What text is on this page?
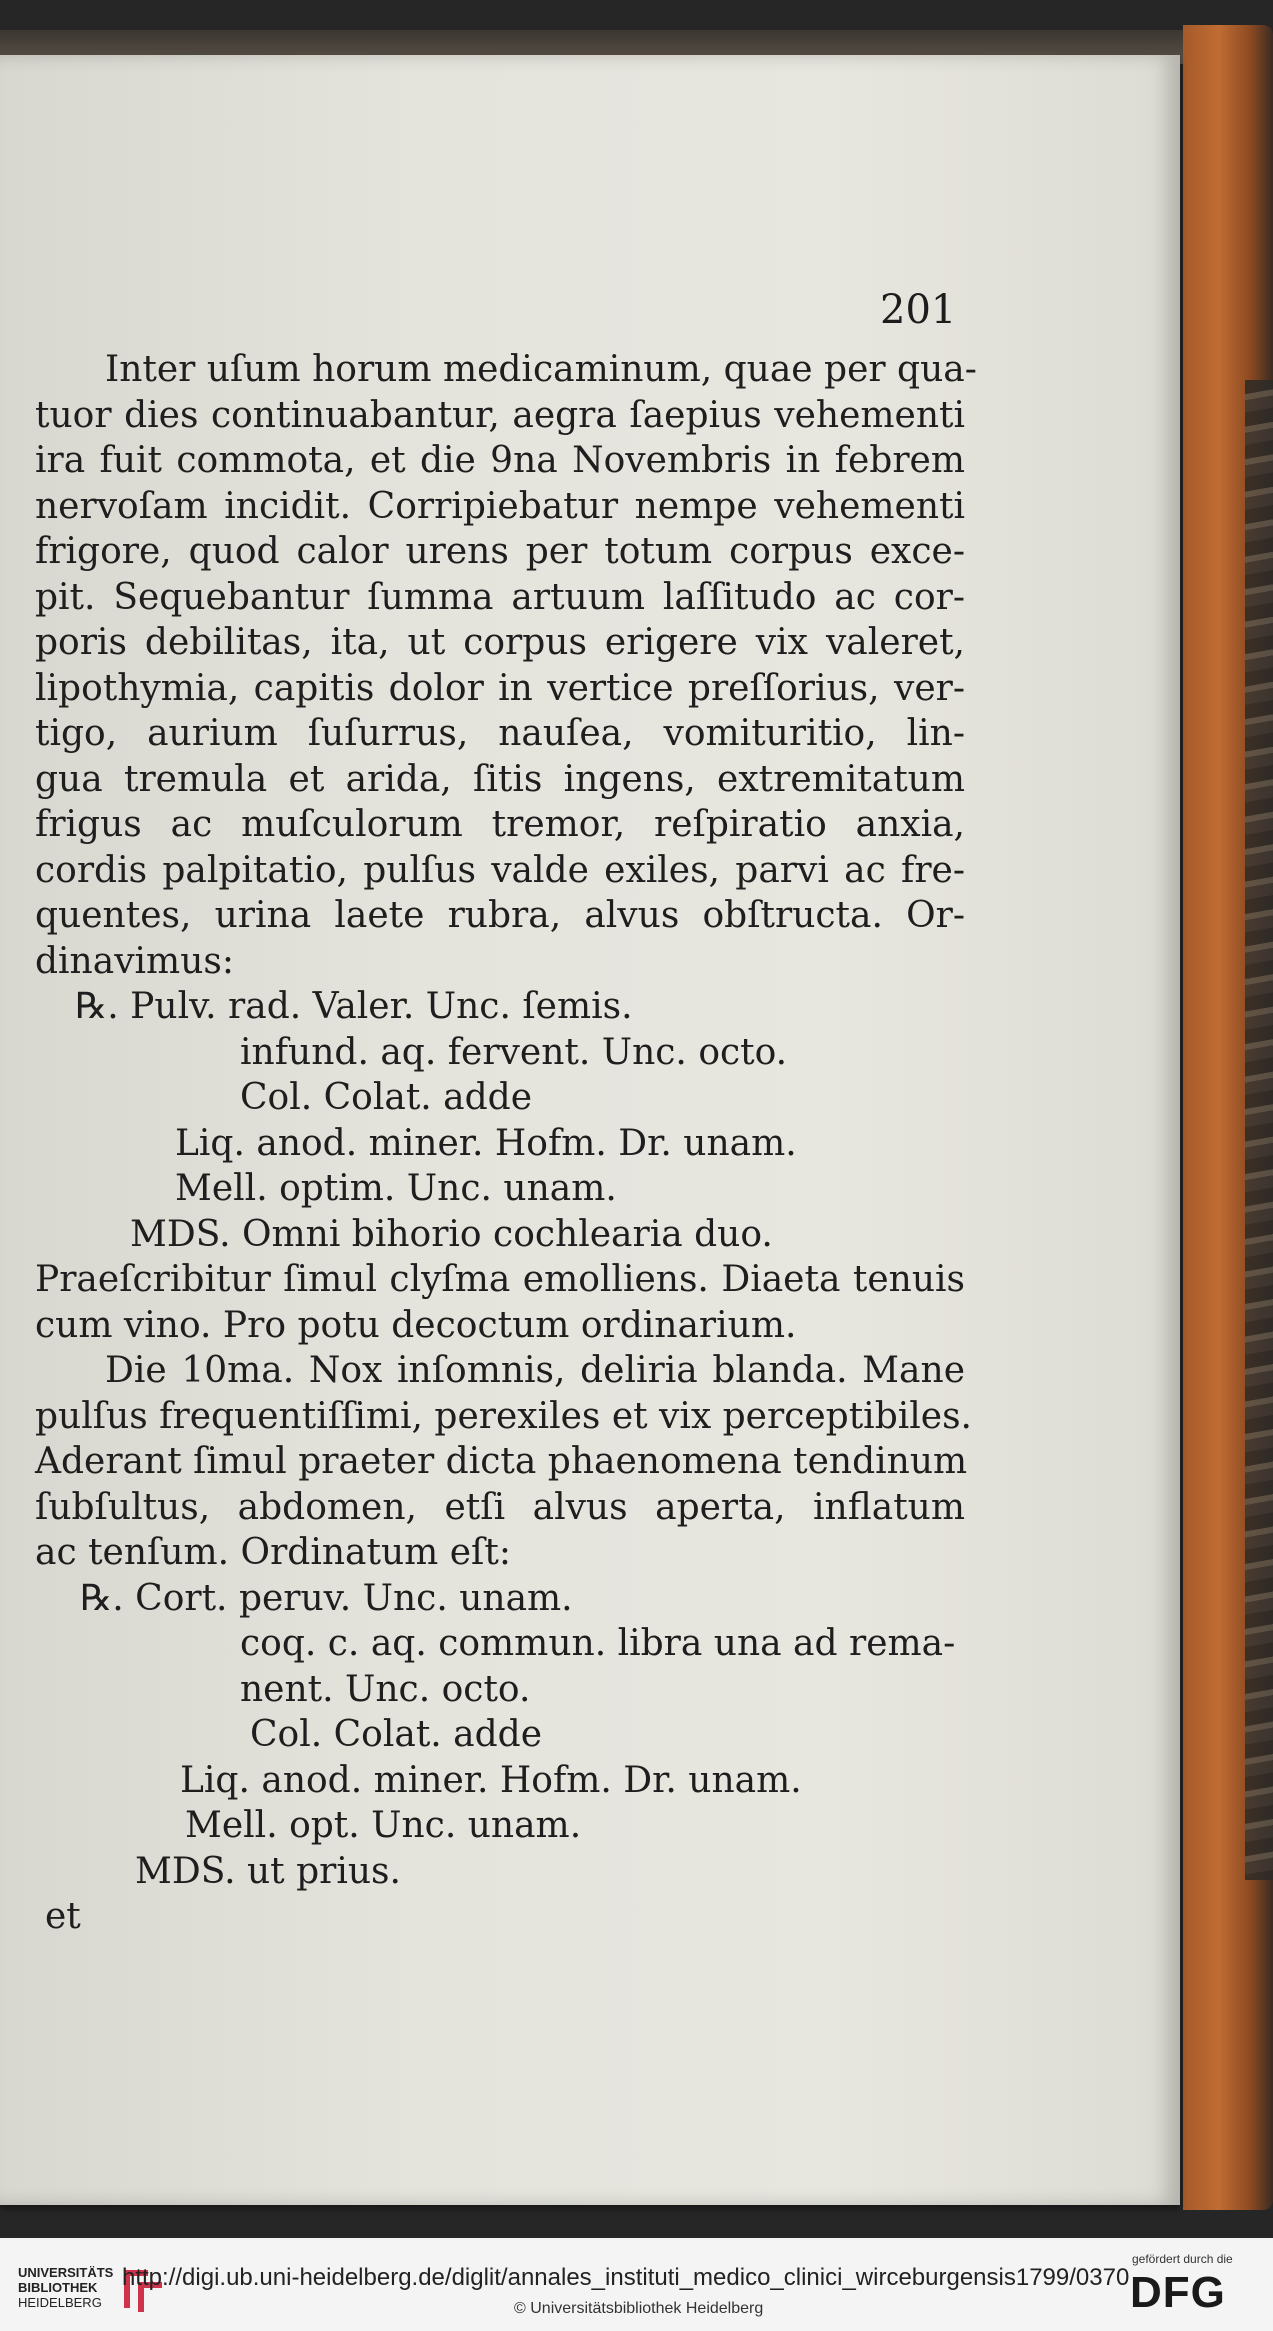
201
Inter uſum horum medicaminum, quae per qua-
tuor dies continuabantur, aegra ſaepius vehementi
ira fuit commota, et die 9na Novembris in febrem
nervoſam incidit. Corripiebatur nempe vehementi
frigore, quod calor urens per totum corpus exce-
pit. Sequebantur ſumma artuum laſſitudo ac cor-
poris debilitas, ita, ut corpus erigere vix valeret,
lipothymia, capitis dolor in vertice preſſorius, ver-
tigo, aurium ſuſurrus, nauſea, vomituritio, lin-
gua tremula et arida, ſitis ingens, extremitatum
frigus ac muſculorum tremor, reſpiratio anxia,
cordis palpitatio, pulſus valde exiles, parvi ac fre-
quentes, urina laete rubra, alvus obſtructa. Or-
dinavimus:
℞. Pulv. rad. Valer. Unc. ſemis.
infund. aq. fervent. Unc. octo.
Col. Colat. adde
Liq. anod. miner. Hofm. Dr. unam.
Mell. optim. Unc. unam.
MDS. Omni bihorio cochlearia duo.
Praeſcribitur ſimul clyſma emolliens. Diaeta tenuis
cum vino. Pro potu decoctum ordinarium.
Die 10ma. Nox inſomnis, deliria blanda. Mane
pulſus frequentiſſimi, perexiles et vix perceptibiles.
Aderant ſimul praeter dicta phaenomena tendinum
ſubſultus, abdomen, etſi alvus aperta, inflatum
ac tenſum. Ordinatum eſt:
℞. Cort. peruv. Unc. unam.
coq. c. aq. commun. libra una ad rema-
nent. Unc. octo.
Col. Colat. adde
Liq. anod. miner. Hofm. Dr. unam.
Mell. opt. Unc. unam.
MDS. ut prius.
et
UNIVERSITÄTS
BIBLIOTHEK
HEIDELBERG
http://digi.ub.uni-heidelberg.de/diglit/annales_instituti_medico_clinici_wirceburgensis1799/0370
© Universitätsbibliothek Heidelberg
gefördert durch die
DFG
